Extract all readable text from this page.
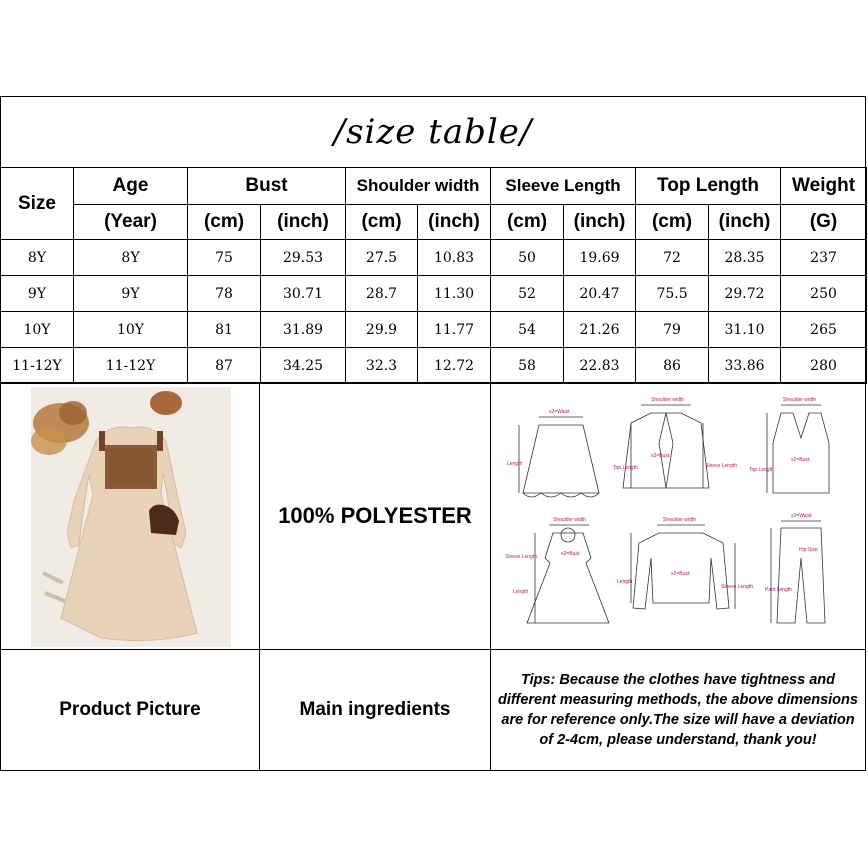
/size table/
Size	Age	Bust		Shoulder width		Sleeve Length		Top Length		Weight
	(Year)	(cm)	(inch)	(cm)	(inch)	(cm)	(inch)	(cm)	(inch)	(G)
8Y	8Y	75	29.53	27.5	10.83	50	19.69	72	28.35	237
9Y	9Y	78	30.71	28.7	11.30	52	20.47	75.5	29.72	250
10Y	10Y	81	31.89	29.9	11.77	54	21.26	79	31.10	265
11-12Y	11-12Y	87	34.25	32.3	12.72	58	22.83	86	33.86	280
100% POLYESTER
x2=Waist
Length
Shoulder width
x2=Bust
Top Length	Sleeve Length
Shoulder width
x2=Bust
Top Length
Shoulder width
x2=Bust
Sleeve Length
Length
Shoulder width
x2=Bust
Length
Sleeve Length
x2=Waist
Hip Size
Pant Length
Product Picture	Main ingredients
Tips: Because the clothes have tightness and different measuring methods, the above dimensions are for reference only.The size will have a deviation of 2-4cm, please understand, thank you!
